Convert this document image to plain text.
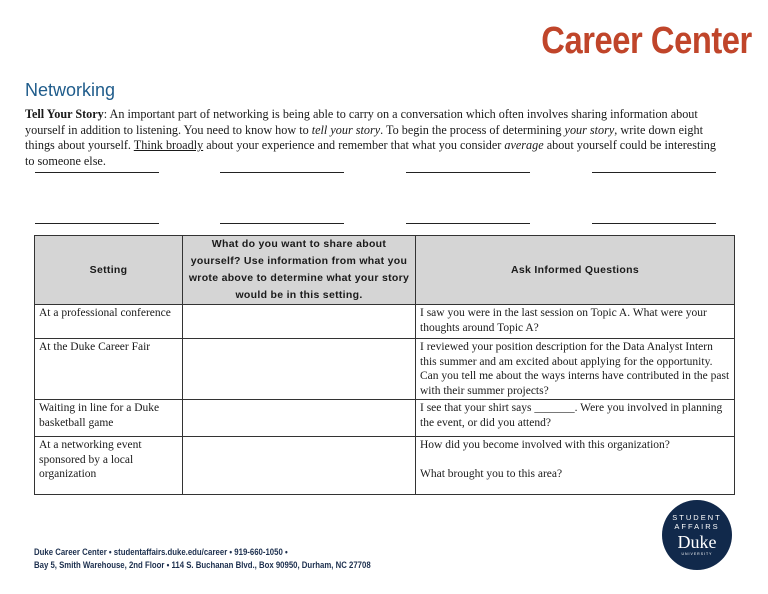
Career Center
Networking
Tell Your Story: An important part of networking is being able to carry on a conversation which often involves sharing information about yourself in addition to listening. You need to know how to tell your story. To begin the process of determining your story, write down eight things about yourself. Think broadly about your experience and remember that what you consider average about yourself could be interesting to someone else.
Setting	What do you want to share about yourself? Use information from what you wrote above to determine what your story would be in this setting.	Ask Informed Questions
At a professional conference		I saw you were in the last session on Topic A. What were your thoughts around Topic A?
At the Duke Career Fair		I reviewed your position description for the Data Analyst Intern this summer and am excited about applying for the opportunity. Can you tell me about the ways interns have contributed in the past with their summer projects?
Waiting in line for a Duke basketball game		I see that your shirt says _______. Were you involved in planning the event, or did you attend?
At a networking event sponsored by a local organization		How did you become involved with this organization?
What brought you to this area?
Duke Career Center • studentaffairs.duke.edu/career • 919-660-1050 •
Bay 5, Smith Warehouse, 2nd Floor • 114 S. Buchanan Blvd., Box 90950, Durham, NC 27708
STUDENT
AFFAIRS
Duke
UNIVERSITY
